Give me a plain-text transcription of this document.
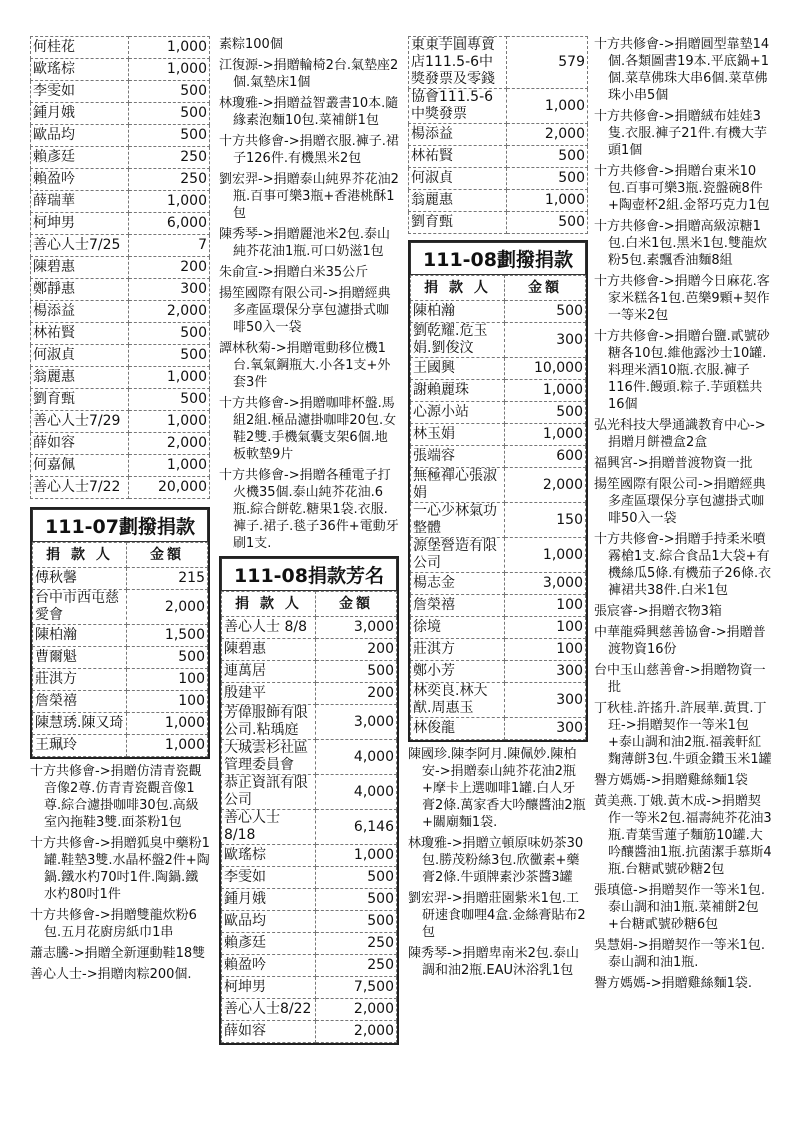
何桂花	1,000
歐瑤棕	1,000
李雯如	500
鍾月娥	500
歐品均	500
賴彥廷	250
賴盈吟	250
薛瑞華	1,000
柯坤男	6,000
善心人士7/25	7
陳碧惠	200
鄭靜惠	300
楊添益	2,000
林祐賢	500
何淑貞	500
翁麗惠	1,000
劉育甄	500
善心人士7/29	1,000
薛如容	2,000
何嘉佩	1,000
善心人士7/22	20,000
111-07劃撥捐款
捐 款 人	金額
傅秋馨	215
台中市西屯慈愛會	2,000
陳柏瀚	1,500
曹爾魁	500
莊淇方	100
詹榮禧	100
陳慧琇.陳又琦	1,000
王珮玲	1,000
十方共修會->捐贈仿清青瓷觀音像2尊.仿青青瓷觀音像1尊.綜合濾掛咖啡30包.高級室內拖鞋3雙.面茶粉1包
十方共修會->捐贈狐臭中藥粉1罐.鞋墊3雙.水晶杯盤2件+陶鍋.鐵水杓70吋1件.陶鍋.鐵水杓80吋1件
十方共修會->捐贈雙龍炊粉6包.五月花廚房紙巾1串
蕭志騰->捐贈全新運動鞋18雙
善心人士->捐贈肉粽200個.
素粽100個
江復源->捐贈輪椅2台.氣墊座2個.氣墊床1個
林瓊雅->捐贈益智叢書10本.隨緣素泡麵10包.菜補餅1包
十方共修會->捐贈衣服.褲子.裙子126件.有機黑米2包
劉宏羿->捐贈泰山純界芥花油2瓶.百事可樂3瓶+香港桃酥1包
陳秀琴->捐贈麗池米2包.泰山純芥花油1瓶.可口奶滋1包
朱俞宣->捐贈白米35公斤
揚笙國際有限公司->捐贈經典多產區環保分享包濾掛式咖啡50入一袋
譚林秋菊->捐贈電動移位機1台.氧氣鋼瓶大.小各1支+外套3件
十方共修會->捐贈咖啡杯盤.馬組2組.極品濾掛咖啡20包.女鞋2雙.手機氣囊支架6個.地板軟墊9片
十方共修會->捐贈各種電子打火機35個.泰山純芥花油.6瓶.綜合餅乾.糖果1袋.衣服.褲子.裙子.毯子36件+電動牙刷1支.
111-08捐款芳名
捐 款 人	金額
善心人士 8/8	3,000
陳碧惠	200
連萬居	500
殷建平	200
芳偉服飾有限公司.粘瑀庭	3,000
大城雲杉社區管理委員會	4,000
恭正資訊有限公司	4,000
善心人士 8/18	6,146
歐瑤棕	1,000
李雯如	500
鍾月娥	500
歐品均	500
賴彥廷	250
賴盈吟	250
柯坤男	7,500
善心人士8/22	2,000
薛如容	2,000
東東芋圓專賣店111.5-6中獎發票及零錢	579
協會111.5-6中獎發票	1,000
楊添益	2,000
林祐賢	500
何淑貞	500
翁麗惠	1,000
劉育甄	500
111-08劃撥捐款
捐 款 人	金額
陳柏瀚	500
劉乾耀.危玉娟.劉俊汶	300
王國興	10,000
謝賴麗珠	1,000
心源小站	500
林玉娟	1,000
張端容	600
無極禪心張淑娟	2,000
一心少林氣功整體	150
源堡營造有限公司	1,000
楊志金	3,000
詹榮禧	100
徐境	100
莊淇方	100
鄭小芳	300
林奕良.林大猷.周惠玉	300
林俊龍	300
陳國珍.陳李阿月.陳佩妙.陳柏安->捐贈泰山純芥花油2瓶+摩卡上選咖啡1罐.白人牙膏2條.萬家香大吟釀醬油2瓶+關廟麵1袋.
林瓊雅->捐贈立頓原味奶茶30包.勝茂粉絲3包.欣黴素+藥膏2條.牛頭牌素沙茶醬3罐
劉宏羿->捐贈莊園紫米1包.工研速食咖哩4盒.金絲膏貼布2包
陳秀琴->捐贈卑南米2包.泰山調和油2瓶.EAU沐浴乳1包
十方共修會->捐贈圓型靠墊14個.各類圖書19本.平底鍋+1個.菜草佛珠大串6個.菜草佛珠小串5個
十方共修會->捐贈絨布娃娃3隻.衣服.褲子21件.有機大芋頭1個
十方共修會->捐贈台東米10包.百事可樂3瓶.瓷盤碗8件+陶壺杯2組.金帑巧克力1包
十方共修會->捐贈高級涼糖1包.白米1包.黑米1包.雙龍炊粉5包.素飄香油麵8組
十方共修會->捐贈今日麻花.客家米糕各1包.芭樂9顆+契作一等米2包
十方共修會->捐贈台鹽.貳號砂糖各10包.維他露沙士10罐.料理米酒10瓶.衣服.褲子116件.饅頭.粽子.芋頭糕共16個
弘光科技大學通識教育中心->捐贈月餅禮盒2盒
福興宮->捐贈普渡物資一批
揚笙國際有限公司->捐贈經典多產區環保分享包濾掛式咖啡50入一袋
十方共修會->捐贈手持柔米噴霧槍1支.綜合食品1大袋+有機絲瓜5條.有機茄子26條.衣褲裙共38件.白米1包
張宸睿->捐贈衣物3箱
中華龍舜興慈善協會->捐贈普渡物資16份
台中玉山慈善會->捐贈物資一批
丁秋桂.許搖升.許展華.黃貫.丁玨->捐贈契作一等米1包+泰山調和油2瓶.福義軒紅麴薄餅3包.牛頭金鑽玉米1罐
譽方媽媽->捐贈雞絲麵1袋
黃美燕.丁娥.黃木成->捐贈契作一等米2包.福壽純芥花油3瓶.青葉雪蓮子麵筋10罐.大吟釀醬油1瓶.抗菌潔手慕斯4瓶.台糖貳號砂糖2包
張瑱億->捐贈契作一等米1包.泰山調和油1瓶.菜補餅2包+台糖貳號砂糖6包
吳慧娟->捐贈契作一等米1包.泰山調和油1瓶.
譽方媽媽->捐贈雞絲麵1袋.
